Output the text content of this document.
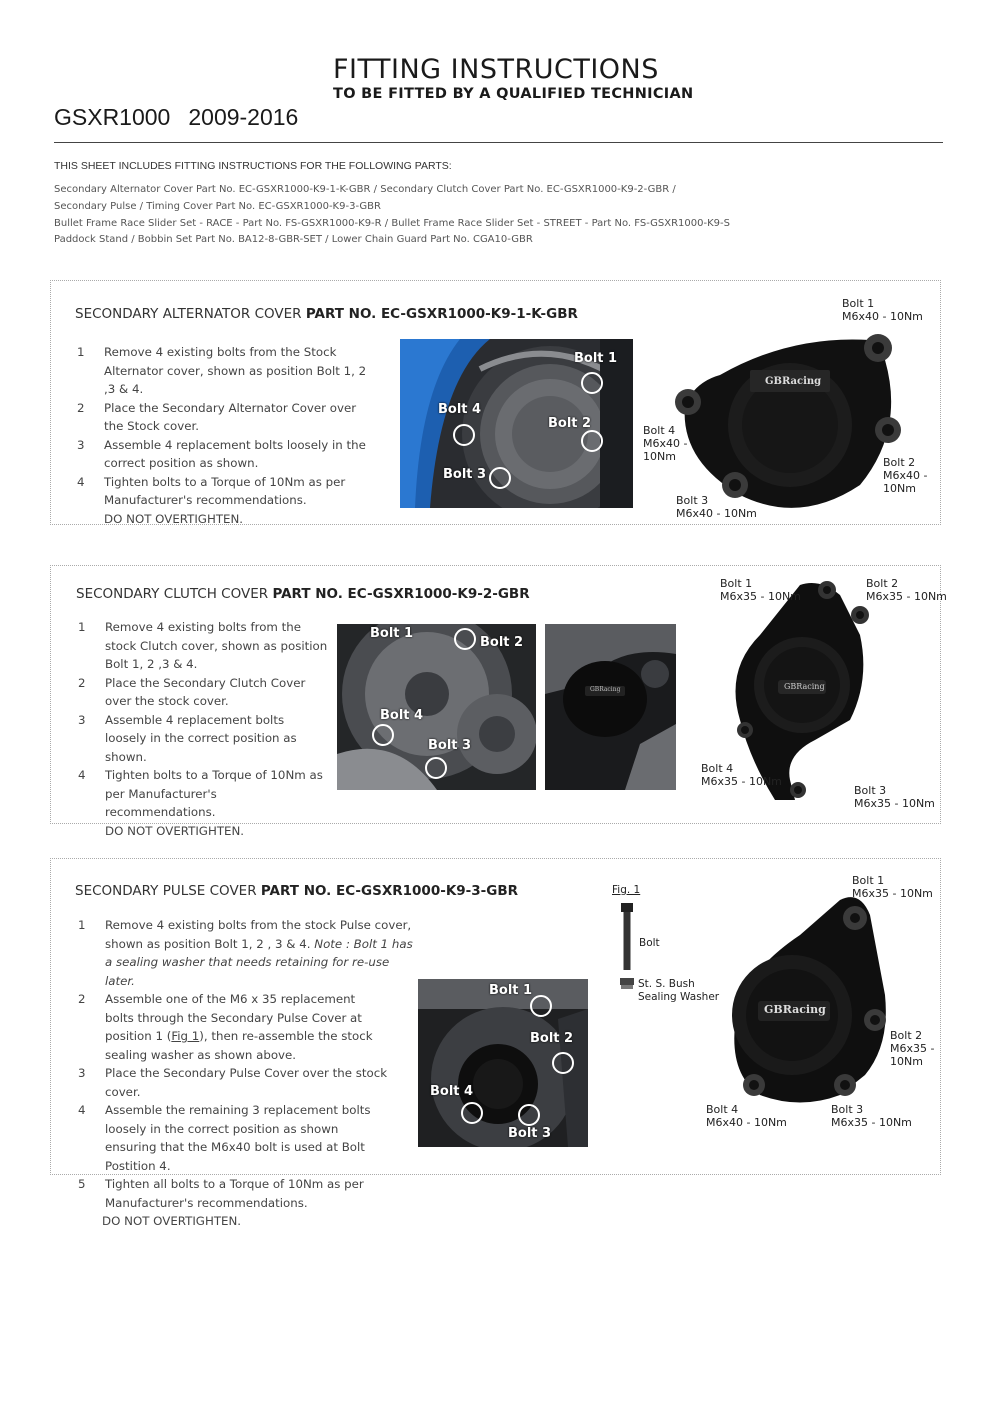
FITTING INSTRUCTIONS
TO BE FITTED BY A QUALIFIED TECHNICIAN
GSXR1000 2009-2016
THIS SHEET INCLUDES FITTING INSTRUCTIONS FOR THE FOLLOWING PARTS:
Secondary Alternator Cover Part No. EC-GSXR1000-K9-1-K-GBR / Secondary Clutch Cover Part No. EC-GSXR1000-K9-2-GBR /
Secondary Pulse / Timing Cover Part No. EC-GSXR1000-K9-3-GBR
Bullet Frame Race Slider Set - RACE - Part No. FS-GSXR1000-K9-R / Bullet Frame Race Slider Set - STREET - Part No. FS-GSXR1000-K9-S
Paddock Stand / Bobbin Set Part No. BA12-8-GBR-SET / Lower Chain Guard Part No. CGA10-GBR
SECONDARY ALTERNATOR COVER PART NO. EC-GSXR1000-K9-1-K-GBR
1 Remove 4 existing bolts from the Stock Alternator cover, shown as position Bolt 1, 2 ,3 & 4.
2 Place the Secondary Alternator Cover over the Stock cover.
3 Assemble 4 replacement bolts loosely in the correct position as shown.
4 Tighten bolts to a Torque of 10Nm as per Manufacturer's recommendations.
DO NOT OVERTIGHTEN.
Bolt 1
Bolt 4
Bolt 2
Bolt 3
GBRacing
Bolt 1
M6x40 - 10Nm
Bolt 4
M6x40 -
10Nm	Bolt 2
M6x40 -
10Nm
Bolt 3
M6x40 - 10Nm
SECONDARY CLUTCH COVER PART NO. EC-GSXR1000-K9-2-GBR
1 Remove 4 existing bolts from the stock Clutch cover, shown as position Bolt 1, 2 ,3 & 4.
2 Place the Secondary Clutch Cover over the stock cover.
3 Assemble 4 replacement bolts loosely in the correct position as shown.
4 Tighten bolts to a Torque of 10Nm as per Manufacturer's recommendations.
DO NOT OVERTIGHTEN.
Bolt 1
Bolt 2
Bolt 4
Bolt 3
GBRacing	GBRacing
Bolt 1
M6x35 - 10Nm
Bolt 2
M6x35 - 10Nm
Bolt 4
M6x35 - 10Nm
Bolt 3
M6x35 - 10Nm
SECONDARY PULSE COVER PART NO. EC-GSXR1000-K9-3-GBR
1 Remove 4 existing bolts from the stock Pulse cover, shown as position Bolt 1, 2 , 3 & 4. Note : Bolt 1 has a sealing washer that needs retaining for re-use later.
2 Assemble one of the M6 x 35 replacement bolts through the Secondary Pulse Cover at position 1 (Fig 1), then re-assemble the stock sealing washer as shown above.
3 Place the Secondary Pulse Cover over the stock cover.
4 Assemble the remaining 3 replacement bolts loosely in the correct position as shown ensuring that the M6x40 bolt is used at Bolt Postition 4.
5 Tighten all bolts to a Torque of 10Nm as per Manufacturer's recommendations.
DO NOT OVERTIGHTEN.
Fig. 1
Bolt
St. S. Bush
Sealing Washer
Bolt 1
Bolt 2
Bolt 4
Bolt 3
GBRacing
Bolt 1
M6x35 - 10Nm
Bolt 2
M6x35 -
10Nm
Bolt 4
M6x40 - 10Nm
Bolt 3
M6x35 - 10Nm
